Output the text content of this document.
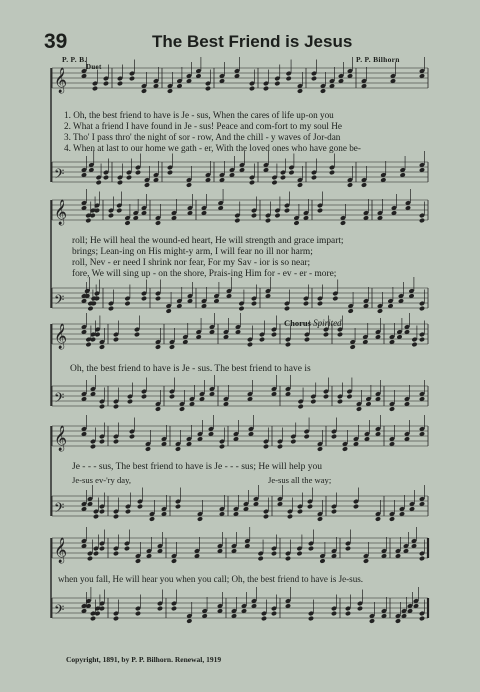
𝄞
𝄢
𝄞
𝄢
𝄞
𝄢
𝄞
𝄢
𝄞
𝄢
39	The Best Friend is Jesus
P. P. B.	P. P. Bilhorn
Duet
1. Oh, the best friend to have is Je - sus, When the cares of life up-on you
2. What a friend I have found in Je - sus! Peace and com-fort to my soul He
3. Tho' I pass thro' the night of sor - row, And the chill - y waves of Jor-dan
4. When at last to our home we gath - er, With the loved ones who have gone be-
roll; He will heal the wound-ed heart, He will strength and grace impart;
brings; Lean-ing on His might-y arm, I will fear no ill nor harm;
roll, Nev - er need I shrink nor fear, For my Sav - ior is so near;
fore, We will sing up - on the shore, Prais-ing Him for - ev - er - more;
Chorus Spirited
Oh, the best friend to have is Je - sus. The best friend to have is
Je - - - sus, The best friend to have is Je - - - sus; He will help you
Je-sus ev-'ry day,	Je-sus all the way;
when you fall, He will hear you when you call; Oh, the best friend to have is Je-sus.
Copyright, 1891, by P. P. Bilhorn. Renewal, 1919
